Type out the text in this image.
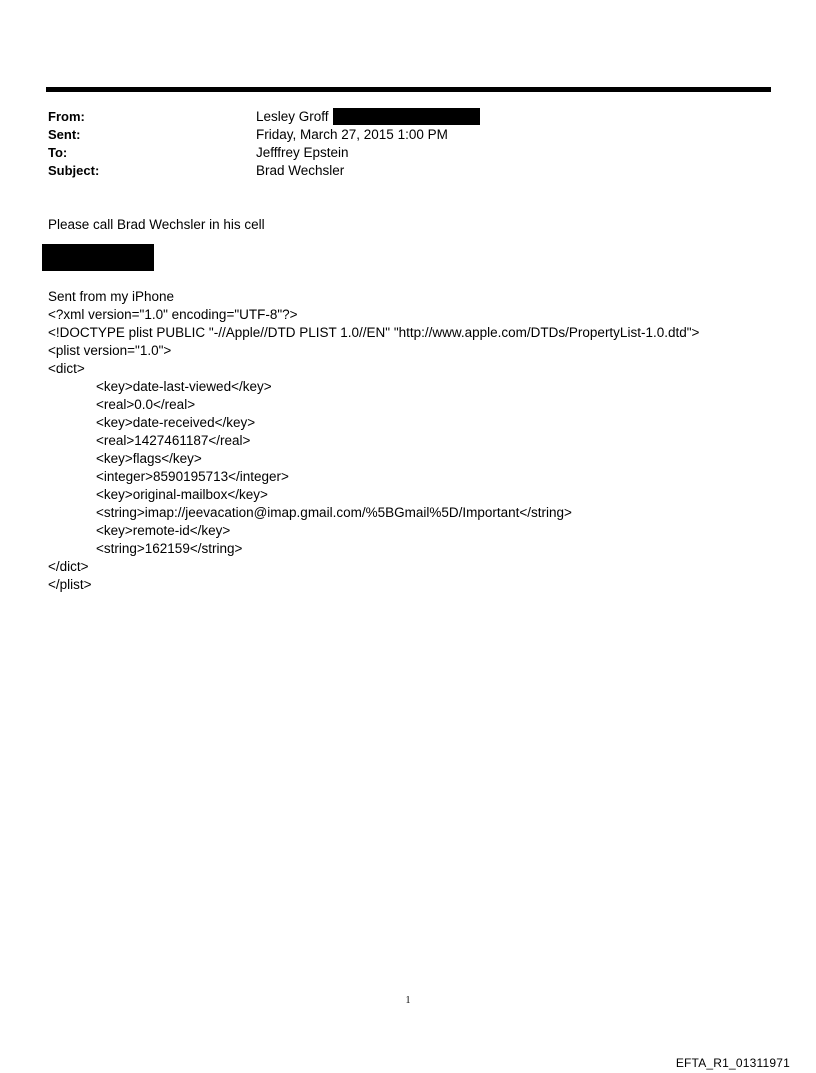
From:	Lesley Groff
Sent:	Friday, March 27, 2015 1:00 PM
To:	Jefffrey Epstein
Subject:	Brad Wechsler
Please call Brad Wechsler in his cell
Sent from my iPhone
<?xml version="1.0" encoding="UTF-8"?>
<!DOCTYPE plist PUBLIC "-//Apple//DTD PLIST 1.0//EN" "http://www.apple.com/DTDs/PropertyList-1.0.dtd">
<plist version="1.0">
<dict>
<key>date-last-viewed</key>
<real>0.0</real>
<key>date-received</key>
<real>1427461187</real>
<key>flags</key>
<integer>8590195713</integer>
<key>original-mailbox</key>
<string>imap://jeevacation@imap.gmail.com/%5BGmail%5D/Important</string>
<key>remote-id</key>
<string>162159</string>
</dict>
</plist>
1
EFTA_R1_01311971
